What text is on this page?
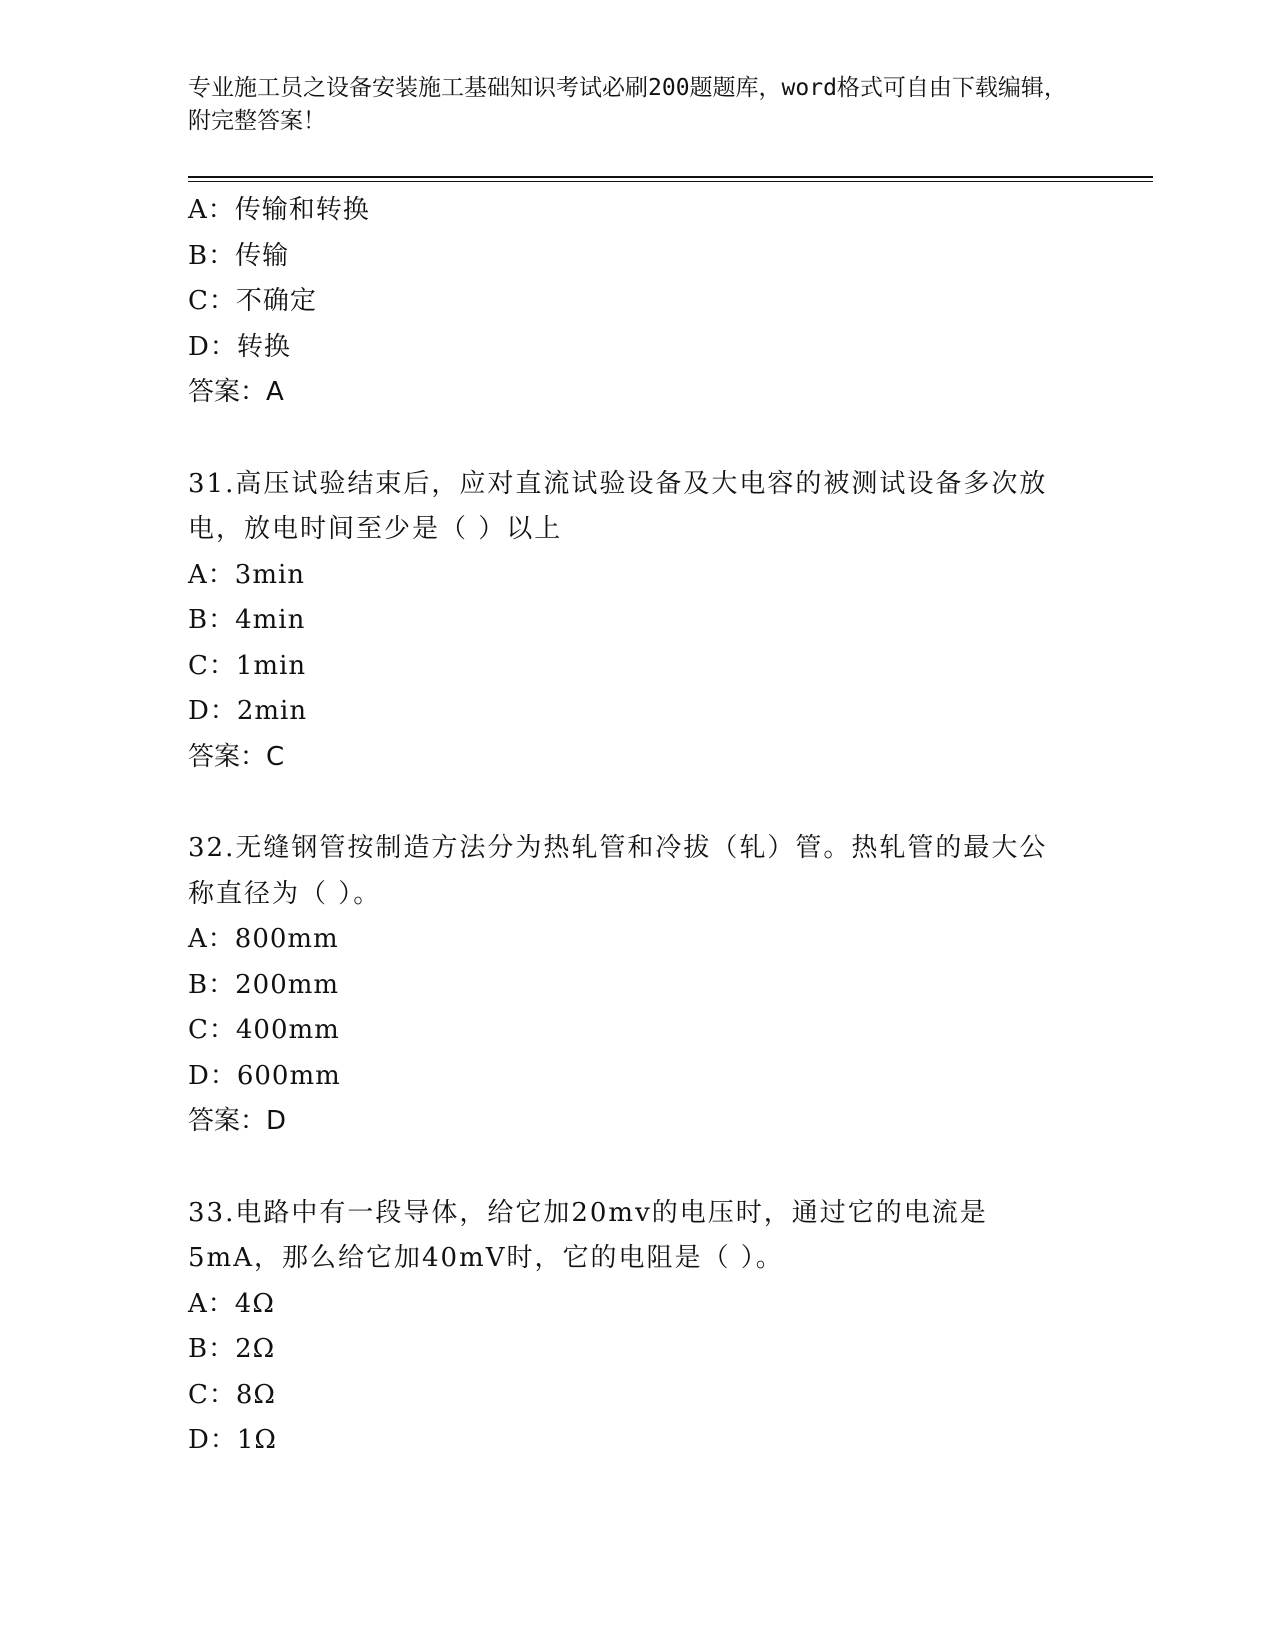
专业施工员之设备安装施工基础知识考试必刷200题题库，word格式可自由下载编辑，附完整答案！
A：传输和转换
B：传输
C：不确定
D：转换
答案：A
31.高压试验结束后，应对直流试验设备及大电容的被测试设备多次放电，放电时间至少是（ ）以上
A：3min
B：4min
C：1min
D：2min
答案：C
32.无缝钢管按制造方法分为热轧管和冷拔（轧）管。热轧管的最大公称直径为（ ）。
A：800mm
B：200mm
C：400mm
D：600mm
答案：D
33.电路中有一段导体，给它加20mv的电压时，通过它的电流是5mA，那么给它加40mV时，它的电阻是（ ）。
A：4Ω
B：2Ω
C：8Ω
D：1Ω
